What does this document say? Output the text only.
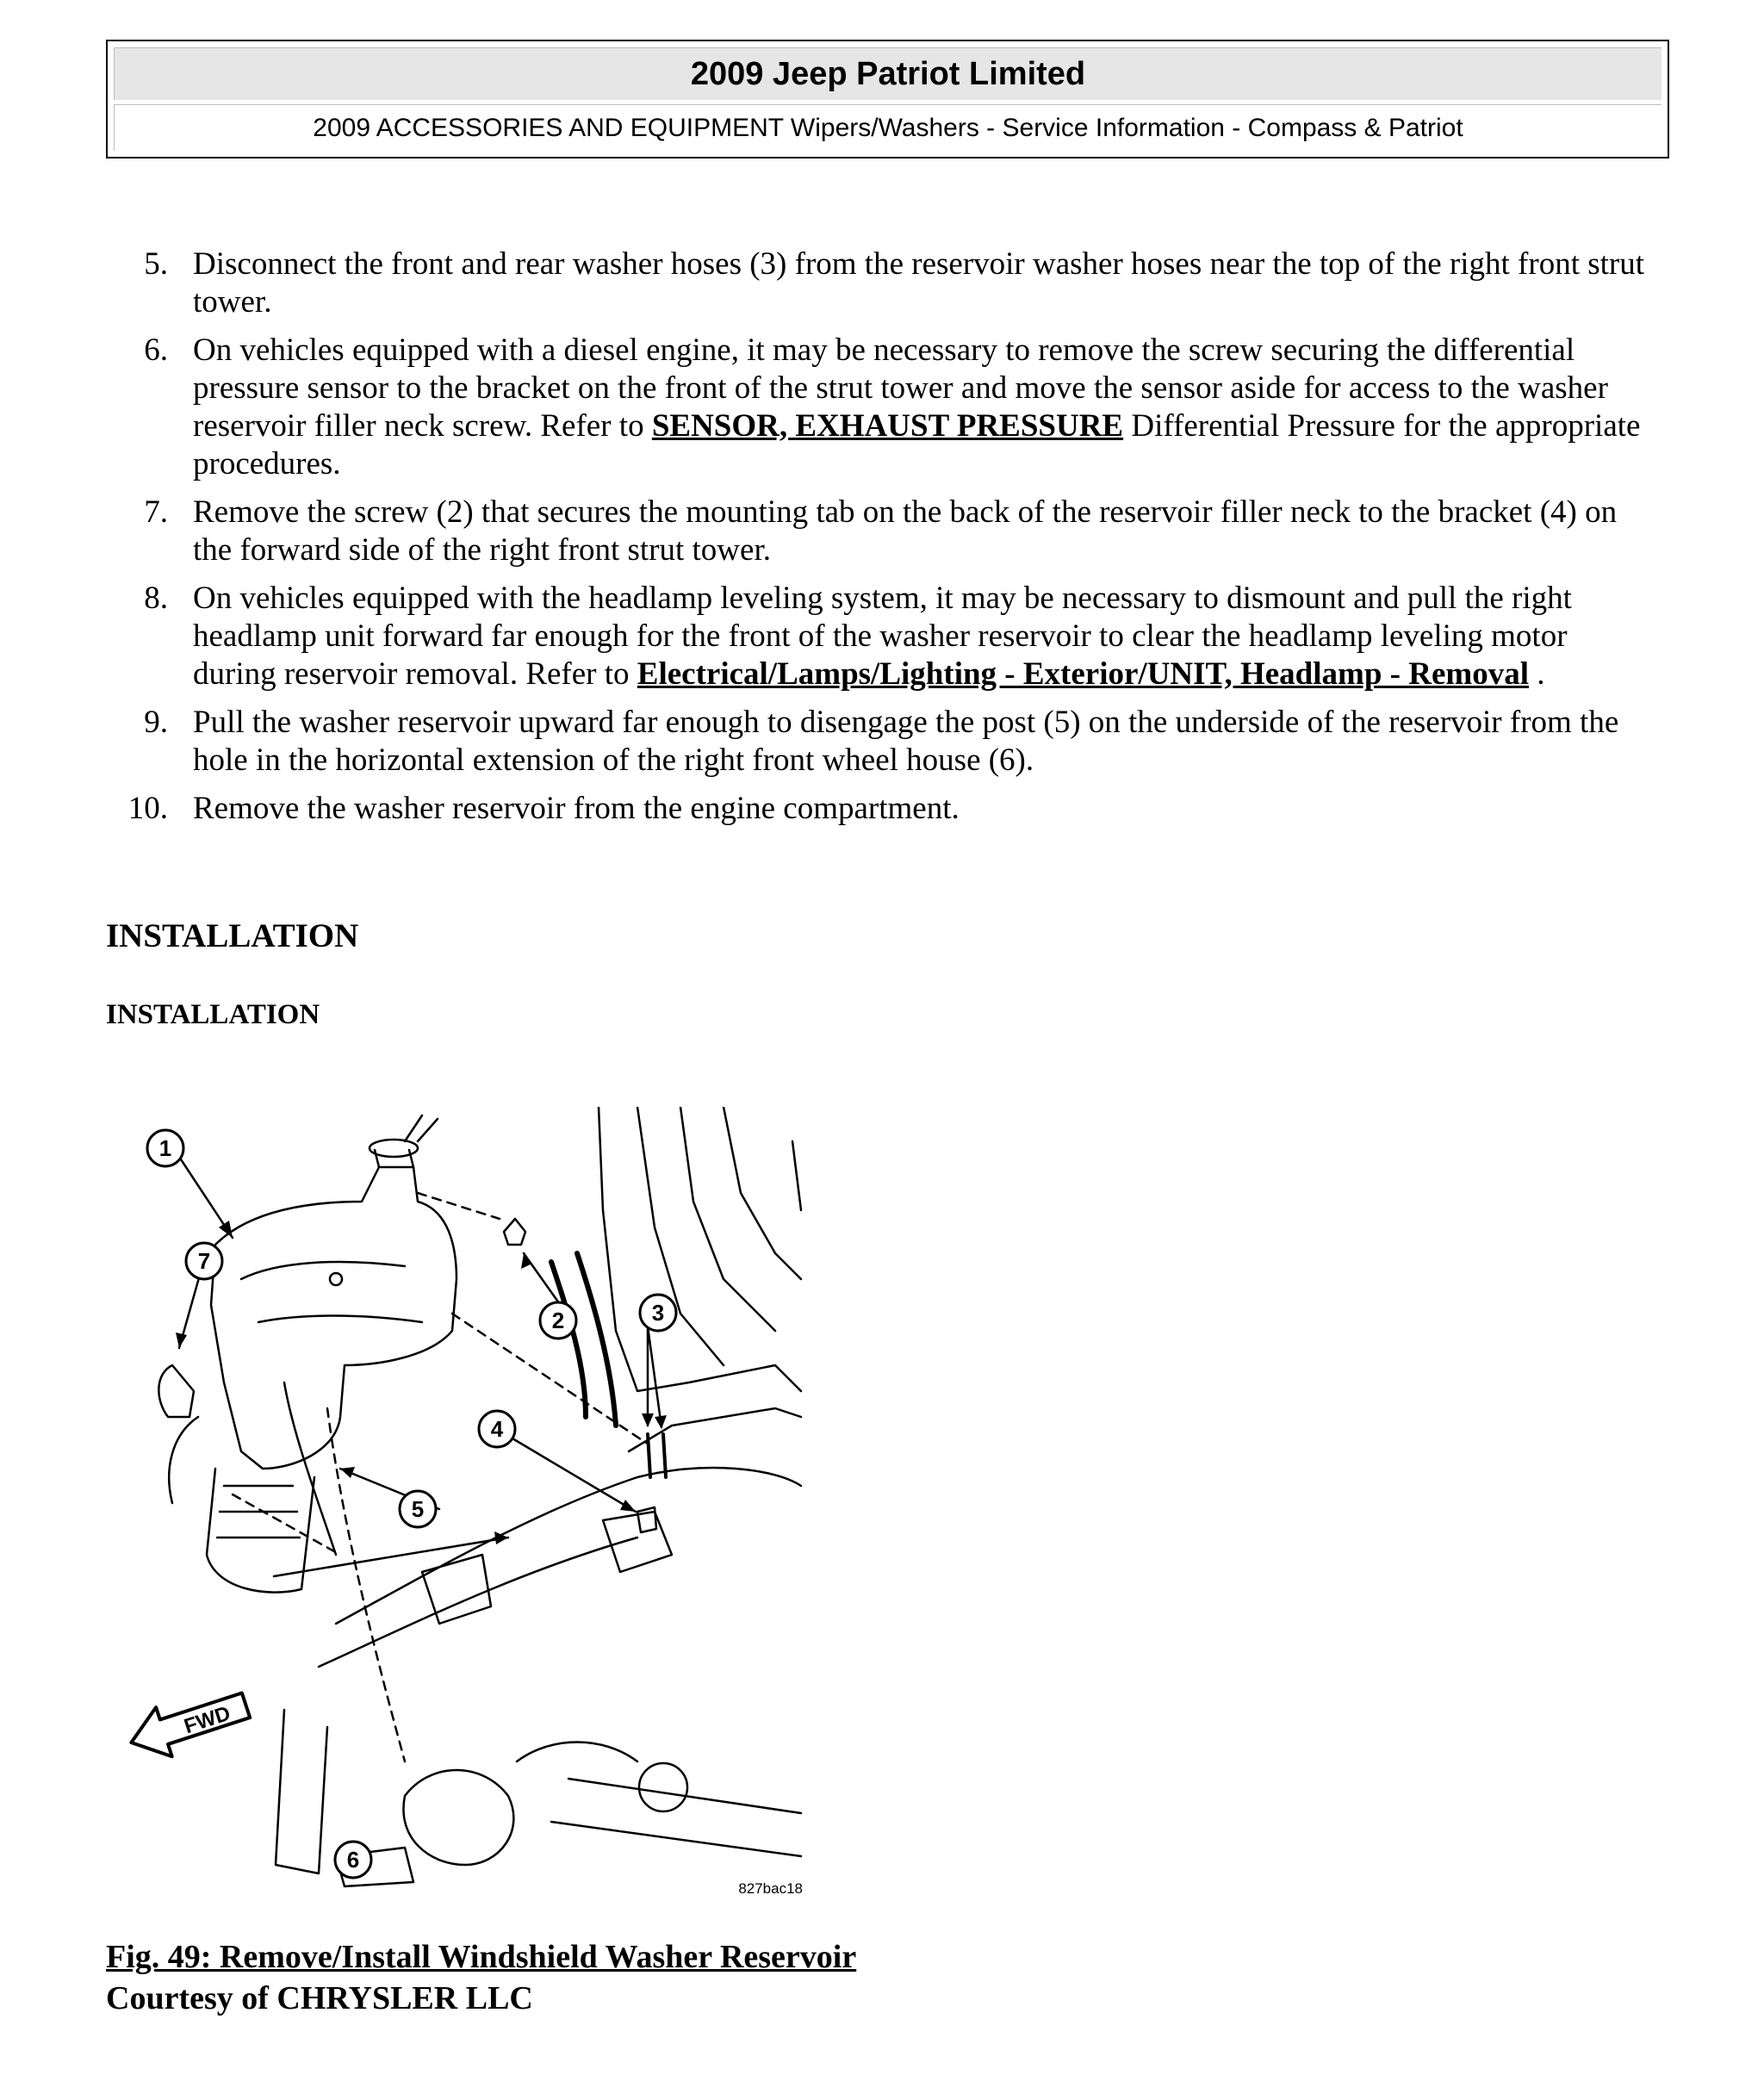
2009 Jeep Patriot Limited
2009 ACCESSORIES AND EQUIPMENT Wipers/Washers - Service Information - Compass & Patriot
5. Disconnect the front and rear washer hoses (3) from the reservoir washer hoses near the top of the right front strut tower.
6. On vehicles equipped with a diesel engine, it may be necessary to remove the screw securing the differential pressure sensor to the bracket on the front of the strut tower and move the sensor aside for access to the washer reservoir filler neck screw. Refer to SENSOR, EXHAUST PRESSURE Differential Pressure for the appropriate procedures.
7. Remove the screw (2) that secures the mounting tab on the back of the reservoir filler neck to the bracket (4) on the forward side of the right front strut tower.
8. On vehicles equipped with the headlamp leveling system, it may be necessary to dismount and pull the right headlamp unit forward far enough for the front of the washer reservoir to clear the headlamp leveling motor during reservoir removal. Refer to Electrical/Lamps/Lighting - Exterior/UNIT, Headlamp - Removal .
9. Pull the washer reservoir upward far enough to disengage the post (5) on the underside of the reservoir from the hole in the horizontal extension of the right front wheel house (6).
10. Remove the washer reservoir from the engine compartment.
INSTALLATION
INSTALLATION
1
2	3
4
5
6
7
FWD
827bac18
Fig. 49: Remove/Install Windshield Washer Reservoir
Courtesy of CHRYSLER LLC
